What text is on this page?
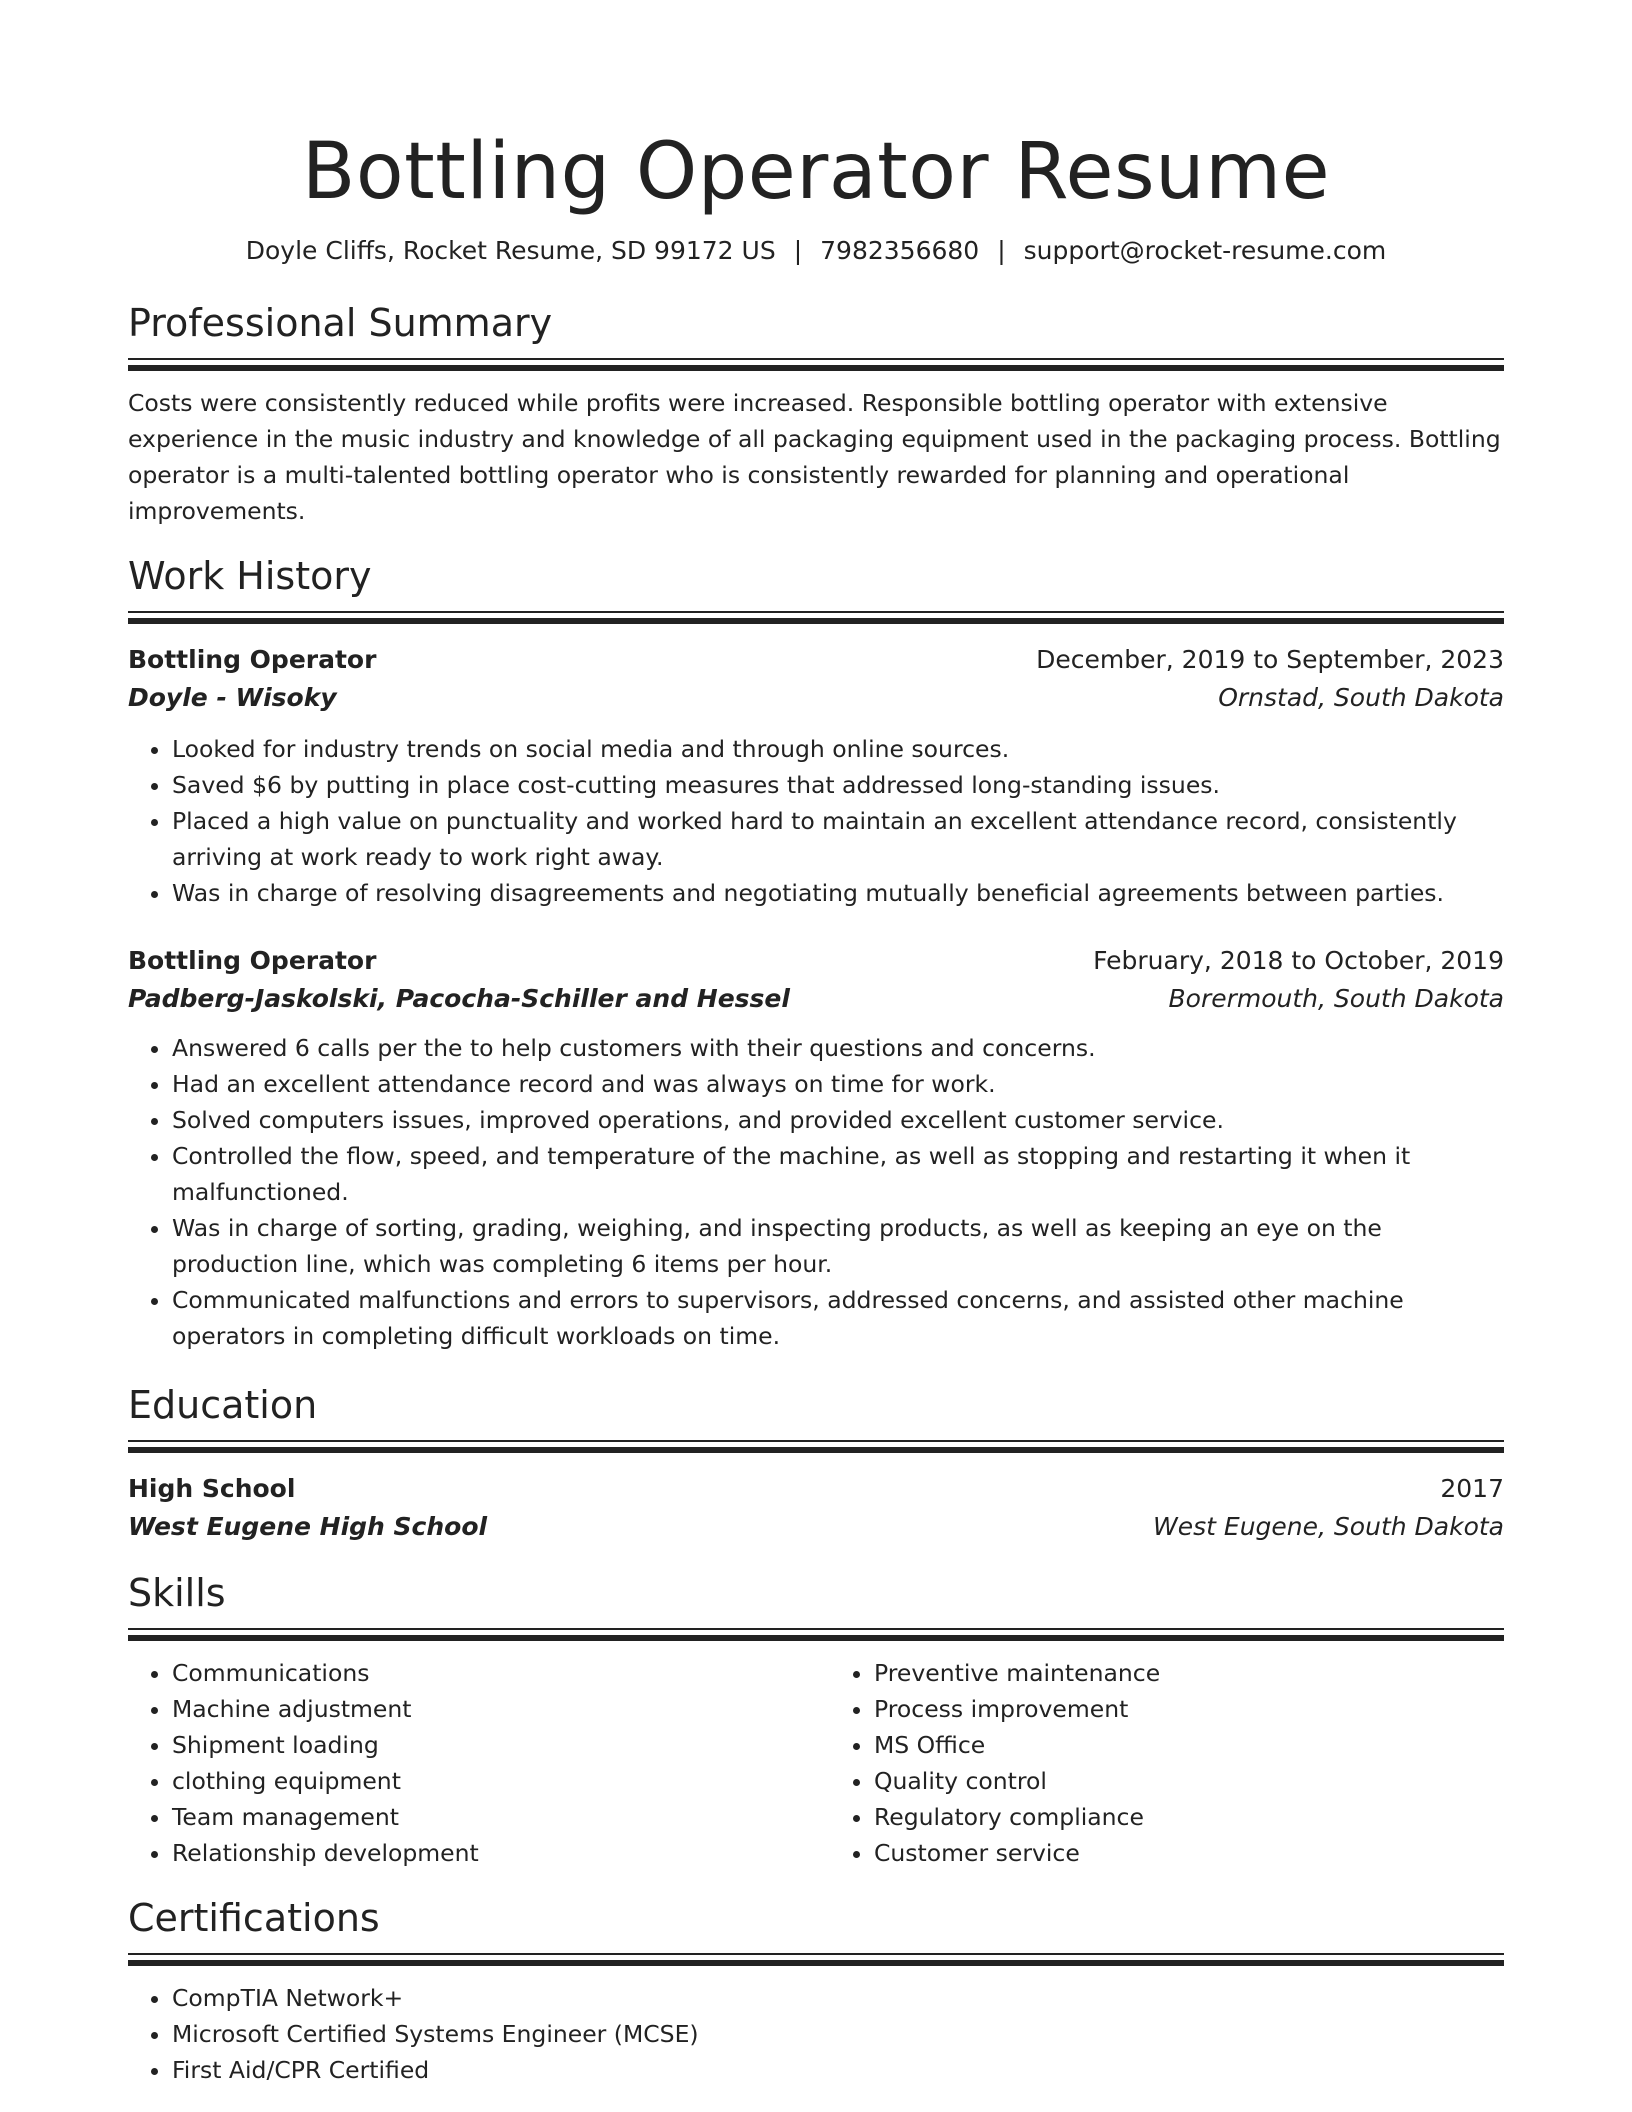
Bottling Operator Resume
Doyle Cliffs, Rocket Resume, SD 99172 US | 7982356680 | support@rocket-resume.com
Professional Summary
Costs were consistently reduced while profits were increased. Responsible bottling operator with extensive experience in the music industry and knowledge of all packaging equipment used in the packaging process. Bottling operator is a multi-talented bottling operator who is consistently rewarded for planning and operational improvements.
Work History
Bottling Operator	December, 2019 to September, 2023
Doyle - Wisoky	Ornstad, South Dakota
• Looked for industry trends on social media and through online sources.
• Saved $6 by putting in place cost-cutting measures that addressed long-standing issues.
• Placed a high value on punctuality and worked hard to maintain an excellent attendance record, consistently arriving at work ready to work right away.
• Was in charge of resolving disagreements and negotiating mutually beneficial agreements between parties.
Bottling Operator	February, 2018 to October, 2019
Padberg-Jaskolski, Pacocha-Schiller and Hessel	Borermouth, South Dakota
• Answered 6 calls per the to help customers with their questions and concerns.
• Had an excellent attendance record and was always on time for work.
• Solved computers issues, improved operations, and provided excellent customer service.
• Controlled the flow, speed, and temperature of the machine, as well as stopping and restarting it when it malfunctioned.
• Was in charge of sorting, grading, weighing, and inspecting products, as well as keeping an eye on the production line, which was completing 6 items per hour.
• Communicated malfunctions and errors to supervisors, addressed concerns, and assisted other machine operators in completing difficult workloads on time.
Education
High School	2017
West Eugene High School	West Eugene, South Dakota
Skills
• Communications
• Machine adjustment
• Shipment loading
• clothing equipment
• Team management
• Relationship development
• Preventive maintenance
• Process improvement
• MS Office
• Quality control
• Regulatory compliance
• Customer service
Certifications
• CompTIA Network+
• Microsoft Certified Systems Engineer (MCSE)
• First Aid/CPR Certified
